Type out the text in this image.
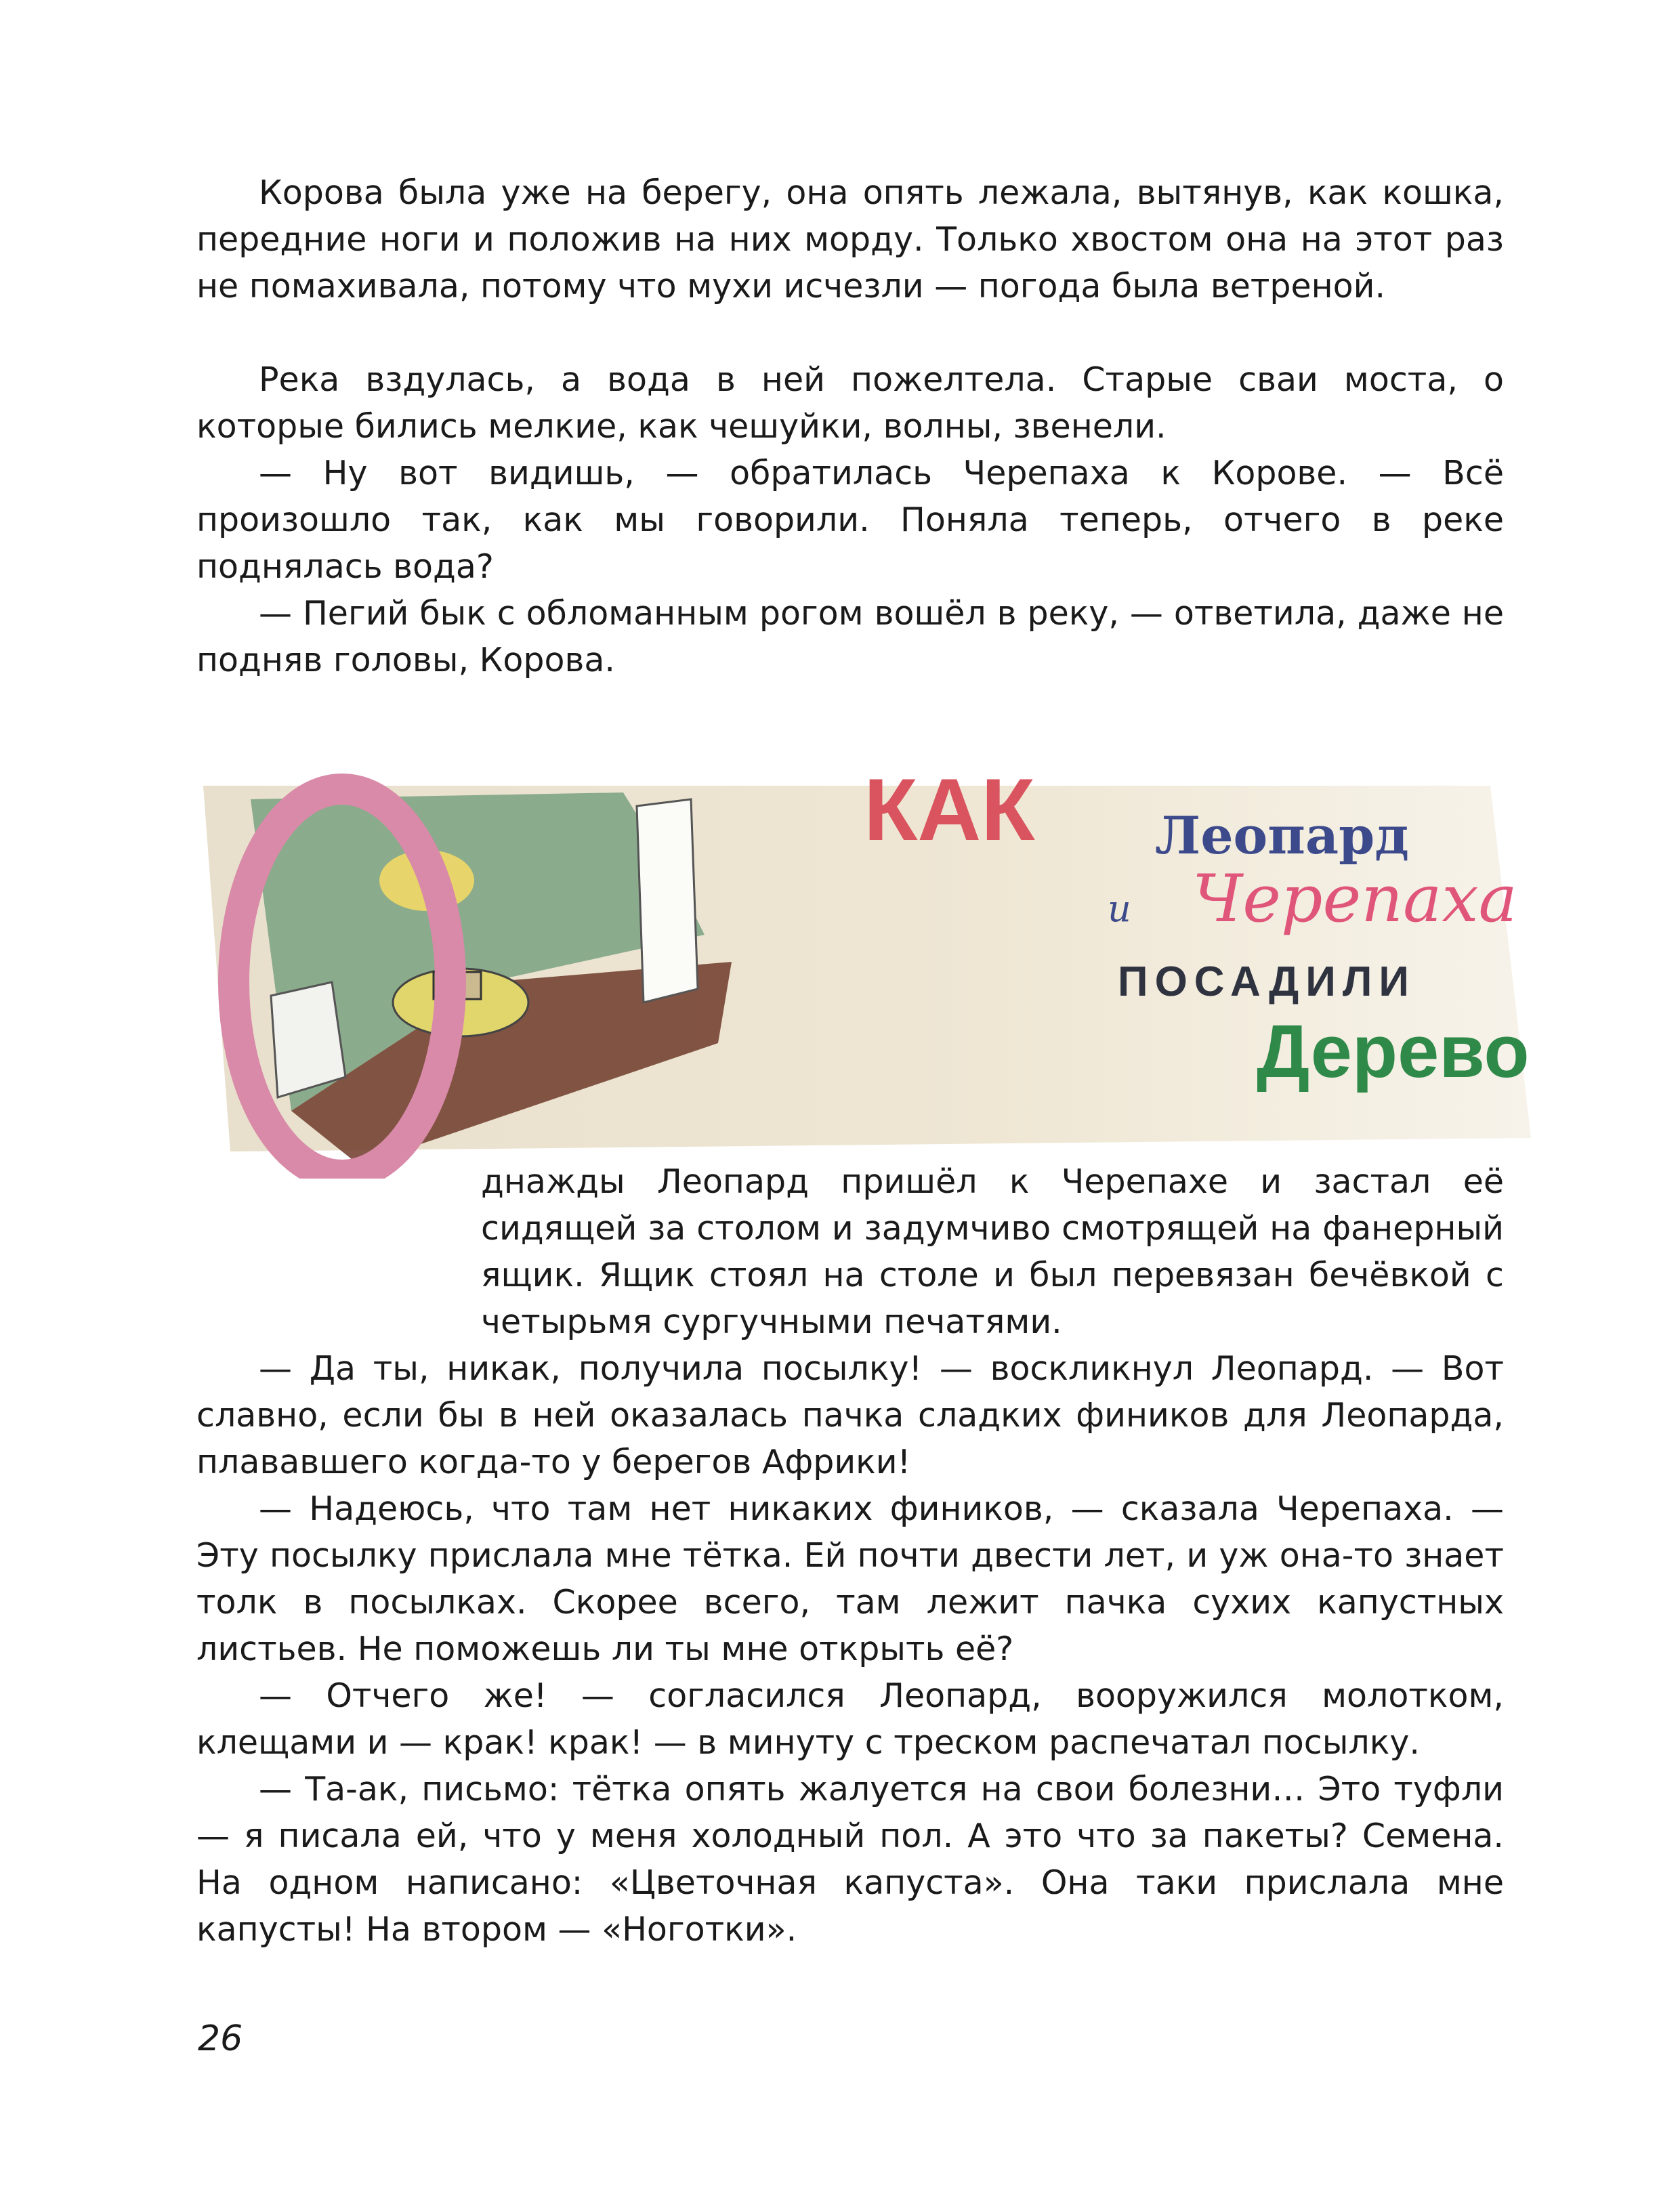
Корова была уже на берегу, она опять лежала, вытянув, как кошка, передние ноги и положив на них морду. Только хвостом она на этот раз не помахивала, потому что мухи исчезли — погода была ветреной.

Река вздулась, а вода в ней пожелтела. Старые сваи моста, о которые бились мелкие, как чешуйки, волны, звенели.

— Ну вот видишь, — обратилась Черепаха к Корове. — Всё произошло так, как мы говорили. Поняла теперь, отчего в реке поднялась вода?

— Пегий бык с обломанным рогом вошёл в реку, — ответила, даже не подняв головы, Корова.

КАК Леопард
и Черепаха
ПОСАДИЛИ
Дерево

днажды Леопард пришёл к Черепахе и застал её сидящей за столом и задумчиво смотрящей на фанерный ящик. Ящик стоял на столе и был перевязан бечёвкой с четырьмя сургучными печатями.

— Да ты, никак, получила посылку! — воскликнул Леопард. — Вот славно, если бы в ней оказалась пачка сладких фиников для Леопарда, плававшего когда-то у берегов Африки!

— Надеюсь, что там нет никаких фиников, — сказала Черепаха. — Эту посылку прислала мне тётка. Ей почти двести лет, и уж она-то знает толк в посылках. Скорее всего, там лежит пачка сухих капустных листьев. Не поможешь ли ты мне открыть её?

— Отчего же! — согласился Леопард, вооружился молотком, клещами и — крак! крак! — в минуту с треском распечатал посылку.

— Та-ак, письмо: тётка опять жалуется на свои болезни… Это туфли — я писала ей, что у меня холодный пол. А это что за пакеты? Семена. На одном написано: «Цветочная капуста». Она таки прислала мне капусты! На втором — «Ноготки».

26
